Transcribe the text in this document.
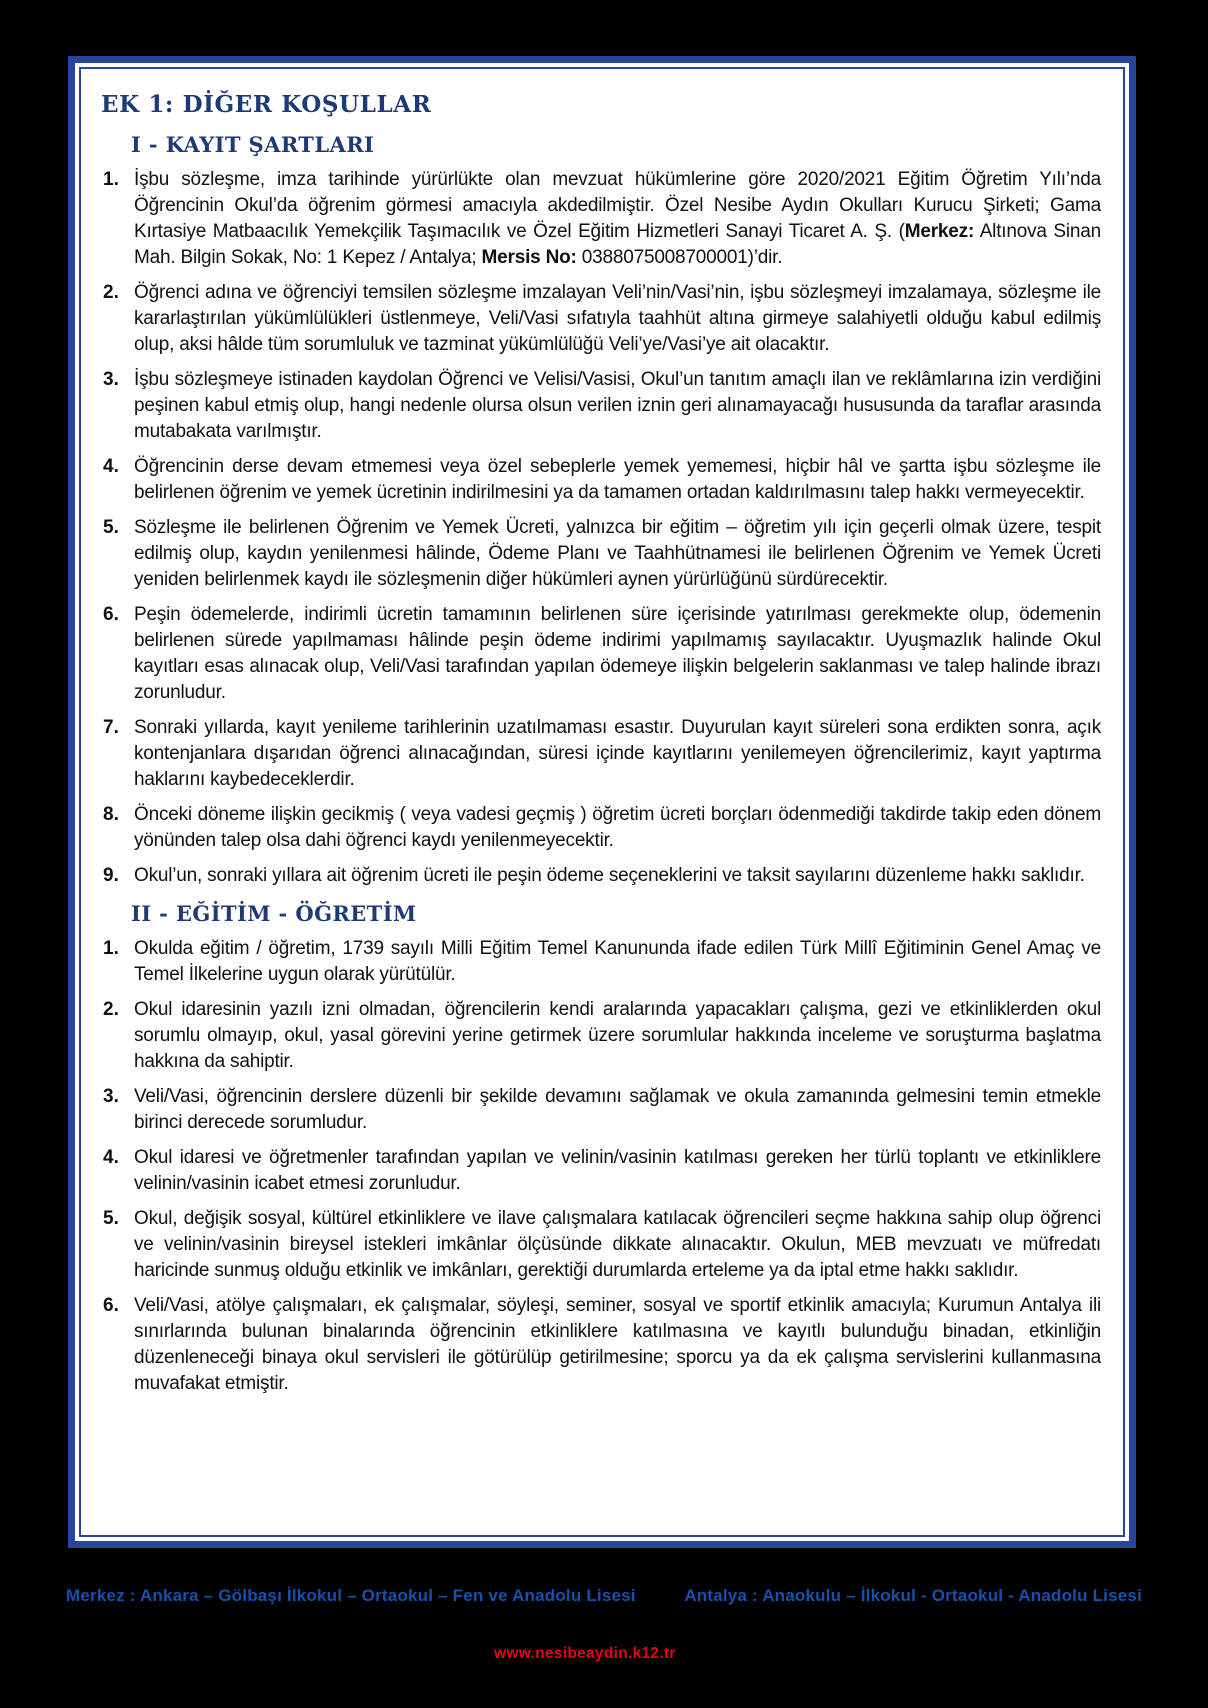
EK 1: DİĞER KOŞULLAR
I - KAYIT ŞARTLARI
1. İşbu sözleşme, imza tarihinde yürürlükte olan mevzuat hükümlerine göre 2020/2021 Eğitim Öğretim Yılı’nda Öğrencinin Okul’da öğrenim görmesi amacıyla akdedilmiştir. Özel Nesibe Aydın Okulları Kurucu Şirketi; Gama Kırtasiye Matbaacılık Yemekçilik Taşımacılık ve Özel Eğitim Hizmetleri Sanayi Ticaret A. Ş. (Merkez: Altınova Sinan Mah. Bilgin Sokak, No: 1 Kepez / Antalya; Mersis No: 0388075008700001)’dir.
2. Öğrenci adına ve öğrenciyi temsilen sözleşme imzalayan Veli’nin/Vasi’nin, işbu sözleşmeyi imzalamaya, sözleşme ile kararlaştırılan yükümlülükleri üstlenmeye, Veli/Vasi sıfatıyla taahhüt altına girmeye salahiyetli olduğu kabul edilmiş olup, aksi hâlde tüm sorumluluk ve tazminat yükümlülüğü Veli’ye/Vasi’ye ait olacaktır.
3. İşbu sözleşmeye istinaden kaydolan Öğrenci ve Velisi/Vasisi, Okul’un tanıtım amaçlı ilan ve reklâmlarına izin verdiğini peşinen kabul etmiş olup, hangi nedenle olursa olsun verilen iznin geri alınamayacağı hususunda da taraflar arasında mutabakata varılmıştır.
4. Öğrencinin derse devam etmemesi veya özel sebeplerle yemek yememesi, hiçbir hâl ve şartta işbu sözleşme ile belirlenen öğrenim ve yemek ücretinin indirilmesini ya da tamamen ortadan kaldırılmasını talep hakkı vermeyecektir.
5. Sözleşme ile belirlenen Öğrenim ve Yemek Ücreti, yalnızca bir eğitim – öğretim yılı için geçerli olmak üzere, tespit edilmiş olup, kaydın yenilenmesi hâlinde, Ödeme Planı ve Taahhütnamesi ile belirlenen Öğrenim ve Yemek Ücreti yeniden belirlenmek kaydı ile sözleşmenin diğer hükümleri aynen yürürlüğünü sürdürecektir.
6. Peşin ödemelerde, indirimli ücretin tamamının belirlenen süre içerisinde yatırılması gerekmekte olup, ödemenin belirlenen sürede yapılmaması hâlinde peşin ödeme indirimi yapılmamış sayılacaktır. Uyuşmazlık halinde Okul kayıtları esas alınacak olup, Veli/Vasi tarafından yapılan ödemeye ilişkin belgelerin saklanması ve talep halinde ibrazı zorunludur.
7. Sonraki yıllarda, kayıt yenileme tarihlerinin uzatılmaması esastır. Duyurulan kayıt süreleri sona erdikten sonra, açık kontenjanlara dışarıdan öğrenci alınacağından, süresi içinde kayıtlarını yenilemeyen öğrencilerimiz, kayıt yaptırma haklarını kaybedeceklerdir.
8. Önceki döneme ilişkin gecikmiş ( veya vadesi geçmiş ) öğretim ücreti borçları ödenmediği takdirde takip eden dönem yönünden talep olsa dahi öğrenci kaydı yenilenmeyecektir.
9. Okul’un, sonraki yıllara ait öğrenim ücreti ile peşin ödeme seçeneklerini ve taksit sayılarını düzenleme hakkı saklıdır.
II - EĞİTİM - ÖĞRETİM
1. Okulda eğitim / öğretim, 1739 sayılı Milli Eğitim Temel Kanununda ifade edilen Türk Millî Eğitiminin Genel Amaç ve Temel İlkelerine uygun olarak yürütülür.
2. Okul idaresinin yazılı izni olmadan, öğrencilerin kendi aralarında yapacakları çalışma, gezi ve etkinliklerden okul sorumlu olmayıp, okul, yasal görevini yerine getirmek üzere sorumlular hakkında inceleme ve soruşturma başlatma hakkına da sahiptir.
3. Veli/Vasi, öğrencinin derslere düzenli bir şekilde devamını sağlamak ve okula zamanında gelmesini temin etmekle birinci derecede sorumludur.
4. Okul idaresi ve öğretmenler tarafından yapılan ve velinin/vasinin katılması gereken her türlü toplantı ve etkinliklere velinin/vasinin icabet etmesi zorunludur.
5. Okul, değişik sosyal, kültürel etkinliklere ve ilave çalışmalara katılacak öğrencileri seçme hakkına sahip olup öğrenci ve velinin/vasinin bireysel istekleri imkânlar ölçüsünde dikkate alınacaktır. Okulun, MEB mevzuatı ve müfredatı haricinde sunmuş olduğu etkinlik ve imkânları, gerektiği durumlarda erteleme ya da iptal etme hakkı saklıdır.
6. Veli/Vasi, atölye çalışmaları, ek çalışmalar, söyleşi, seminer, sosyal ve sportif etkinlik amacıyla; Kurumun Antalya ili sınırlarında bulunan binalarında öğrencinin etkinliklere katılmasına ve kayıtlı bulunduğu binadan, etkinliğin düzenleneceği binaya okul servisleri ile götürülüp getirilmesine; sporcu ya da ek çalışma servislerini kullanmasına muvafakat etmiştir.
Merkez : Ankara – Gölbaşı İlkokul – Ortaokul – Fen ve Anadolu Lisesi	Antalya : Anaokulu – İlkokul - Ortaokul - Anadolu Lisesi
www.nesibeaydin.k12.tr
